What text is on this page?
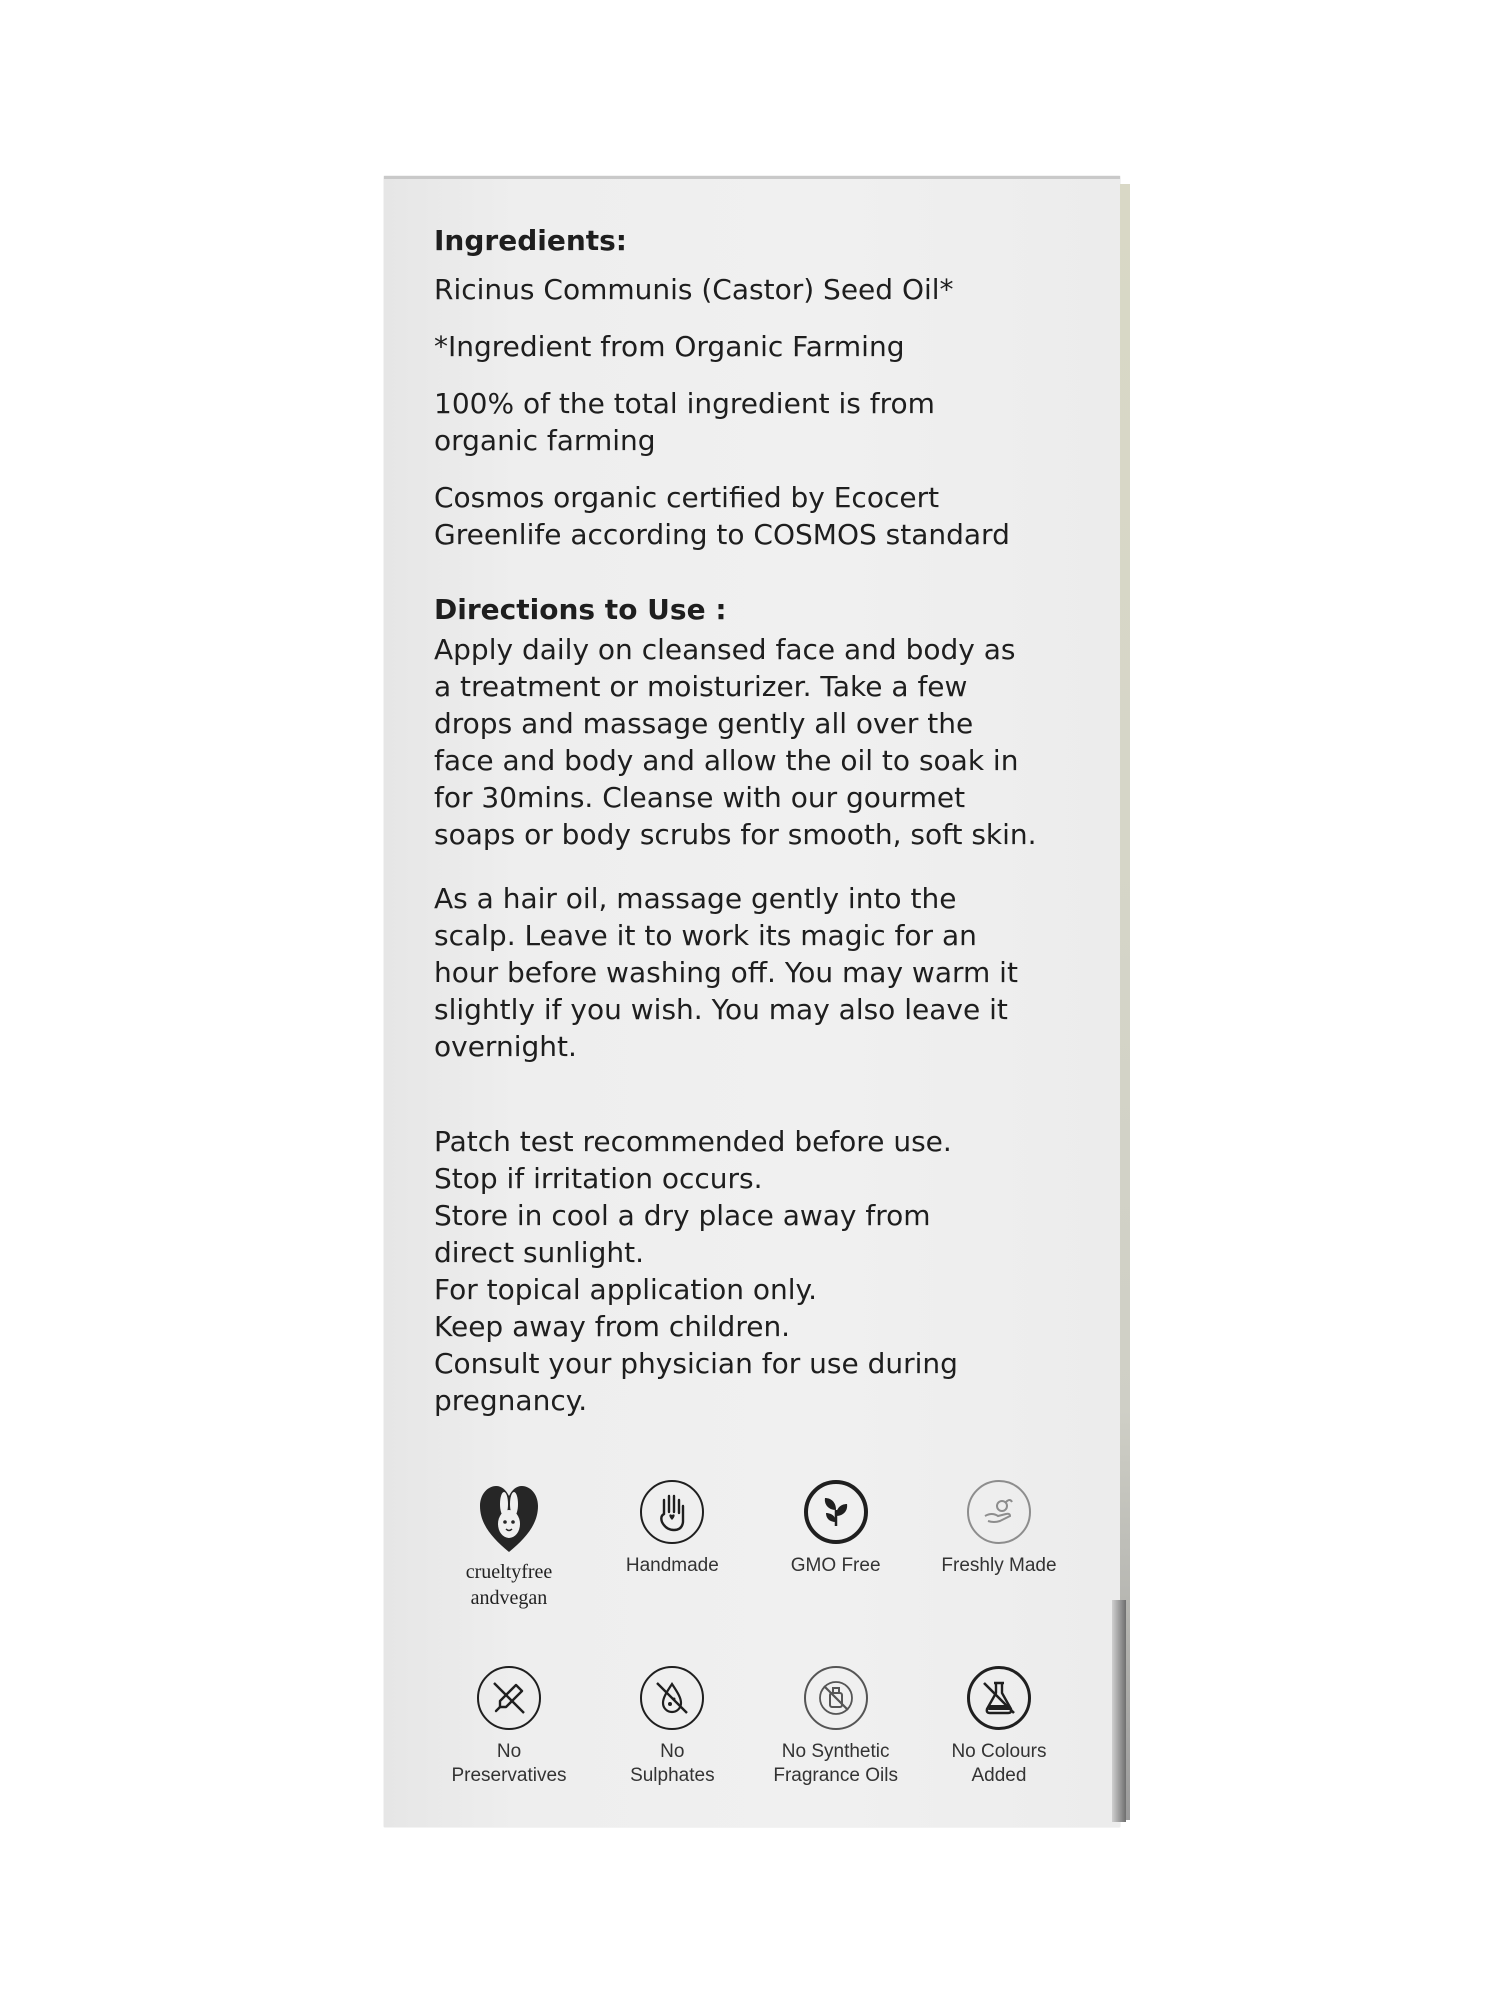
Ingredients:
Ricinus Communis (Castor) Seed Oil*
*Ingredient from Organic Farming
100% of the total ingredient is from
organic farming
Cosmos organic certified by Ecocert
Greenlife according to COSMOS standard
Directions to Use :
Apply daily on cleansed face and body as
a treatment or moisturizer. Take a few
drops and massage gently all over the
face and body and allow the oil to soak in
for 30mins. Cleanse with our gourmet
soaps or body scrubs for smooth, soft skin.
As a hair oil, massage gently into the
scalp. Leave it to work its magic for an
hour before washing off. You may warm it
slightly if you wish. You may also leave it
overnight.
Patch test recommended before use.
Stop if irritation occurs.
Store in cool a dry place away from
direct sunlight.
For topical application only.
Keep away from children.
Consult your physician for use during
pregnancy.
crueltyfree
andvegan
Handmade	GMO Free	Freshly Made
No
Preservatives
No
Sulphates
No Synthetic
Fragrance Oils
No Colours
Added
